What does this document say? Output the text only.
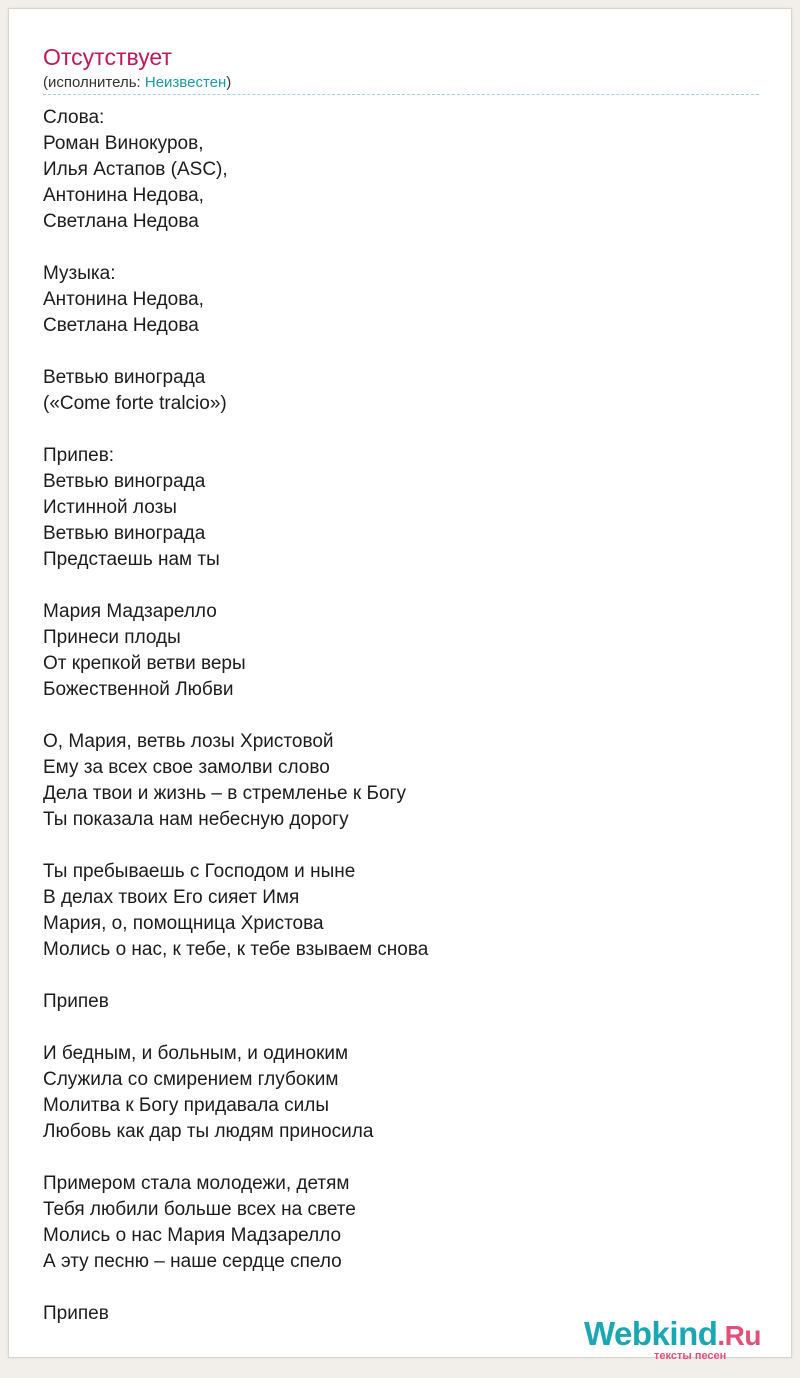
Отсутствует
(исполнитель: Неизвестен)
Слова:
Роман Винокуров,
Илья Астапов (ASC),
Антонина Недова,
Светлана Недова
Музыка:
Антонина Недова,
Светлана Недова
Ветвью винограда
(«Come forte tralcio»)
Припев:
Ветвью винограда
Истинной лозы
Ветвью винограда
Предстаешь нам ты
Мария Мадзарелло
Принеси плоды
От крепкой ветви веры
Божественной Любви
О, Мария, ветвь лозы Христовой
Ему за всех свое замолви слово
Дела твои и жизнь – в стремленье к Богу
Ты показала нам небесную дорогу
Ты пребываешь с Господом и ныне
В делах твоих Его сияет Имя
Мария, о, помощница Христова
Молись о нас, к тебе, к тебе взываем снова
Припев
И бедным, и больным, и одиноким
Служила со смирением глубоким
Молитва к Богу придавала силы
Любовь как дар ты людям приносила
Примером стала молодежи, детям
Тебя любили больше всех на свете
Молись о нас Мария Мадзарелло
А эту песню – наше сердце спело
Припев
Webkind.Ru
тексты песен
